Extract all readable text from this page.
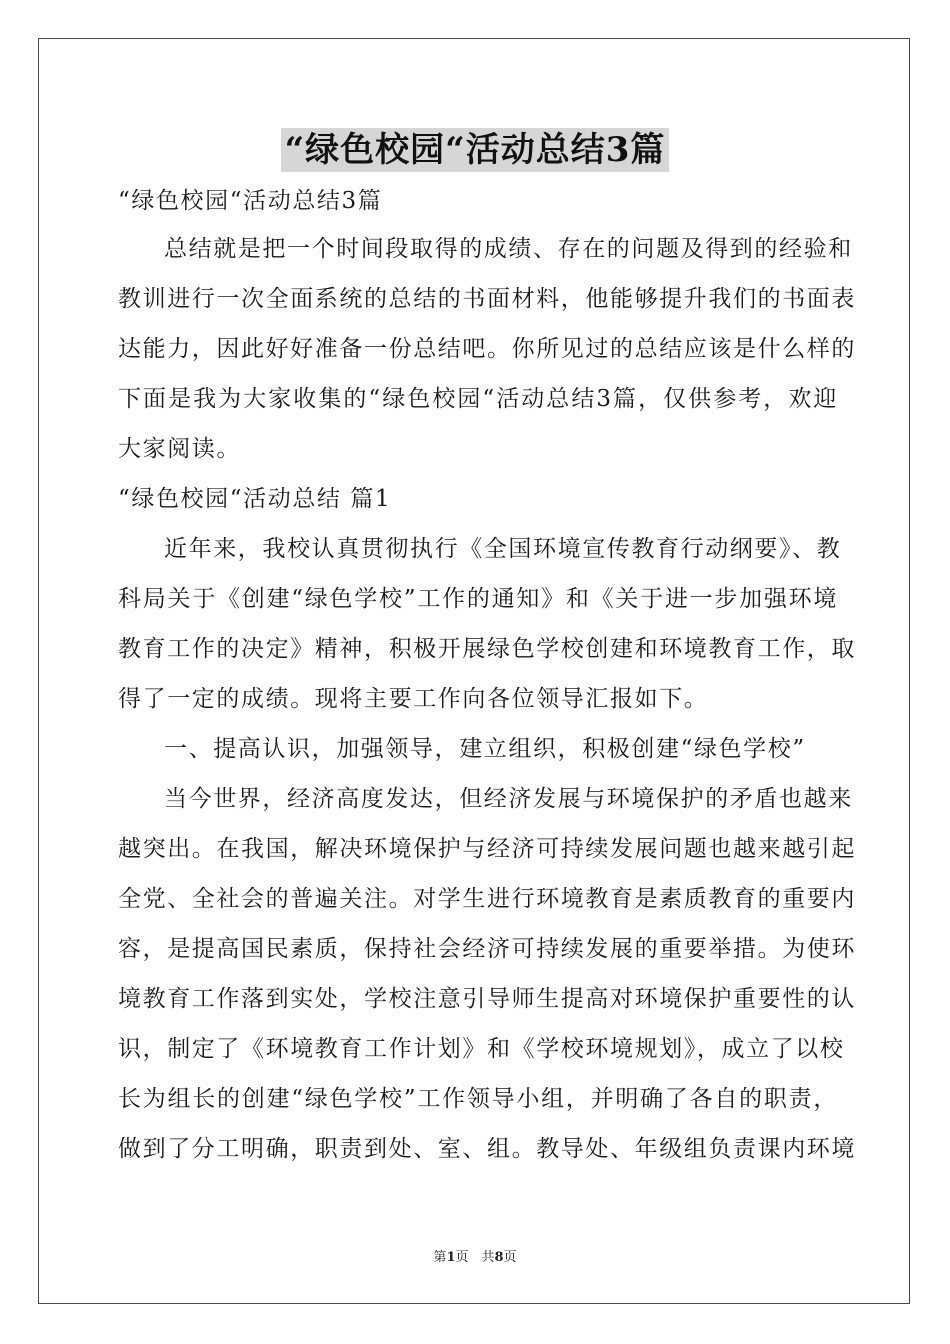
“绿色校园“活动总结3篇
“绿色校园“活动总结3篇
总结就是把一个时间段取得的成绩、存在的问题及得到的经验和
教训进行一次全面系统的总结的书面材料，他能够提升我们的书面表
达能力，因此好好准备一份总结吧。你所见过的总结应该是什么样的
下面是我为大家收集的“绿色校园“活动总结3篇，仅供参考，欢迎
大家阅读。
“绿色校园“活动总结 篇1
近年来，我校认真贯彻执行《全国环境宣传教育行动纲要》、教
科局关于《创建“绿色学校”工作的通知》和《关于进一步加强环境
教育工作的决定》精神，积极开展绿色学校创建和环境教育工作，取
得了一定的成绩。现将主要工作向各位领导汇报如下。
一、提高认识，加强领导，建立组织，积极创建“绿色学校”
当今世界，经济高度发达，但经济发展与环境保护的矛盾也越来
越突出。在我国，解决环境保护与经济可持续发展问题也越来越引起
全党、全社会的普遍关注。对学生进行环境教育是素质教育的重要内
容，是提高国民素质，保持社会经济可持续发展的重要举措。为使环
境教育工作落到实处，学校注意引导师生提高对环境保护重要性的认
识，制定了《环境教育工作计划》和《学校环境规划》，成立了以校
长为组长的创建“绿色学校”工作领导小组，并明确了各自的职责，
做到了分工明确，职责到处、室、组。教导处、年级组负责课内环境
第1页　共8页
